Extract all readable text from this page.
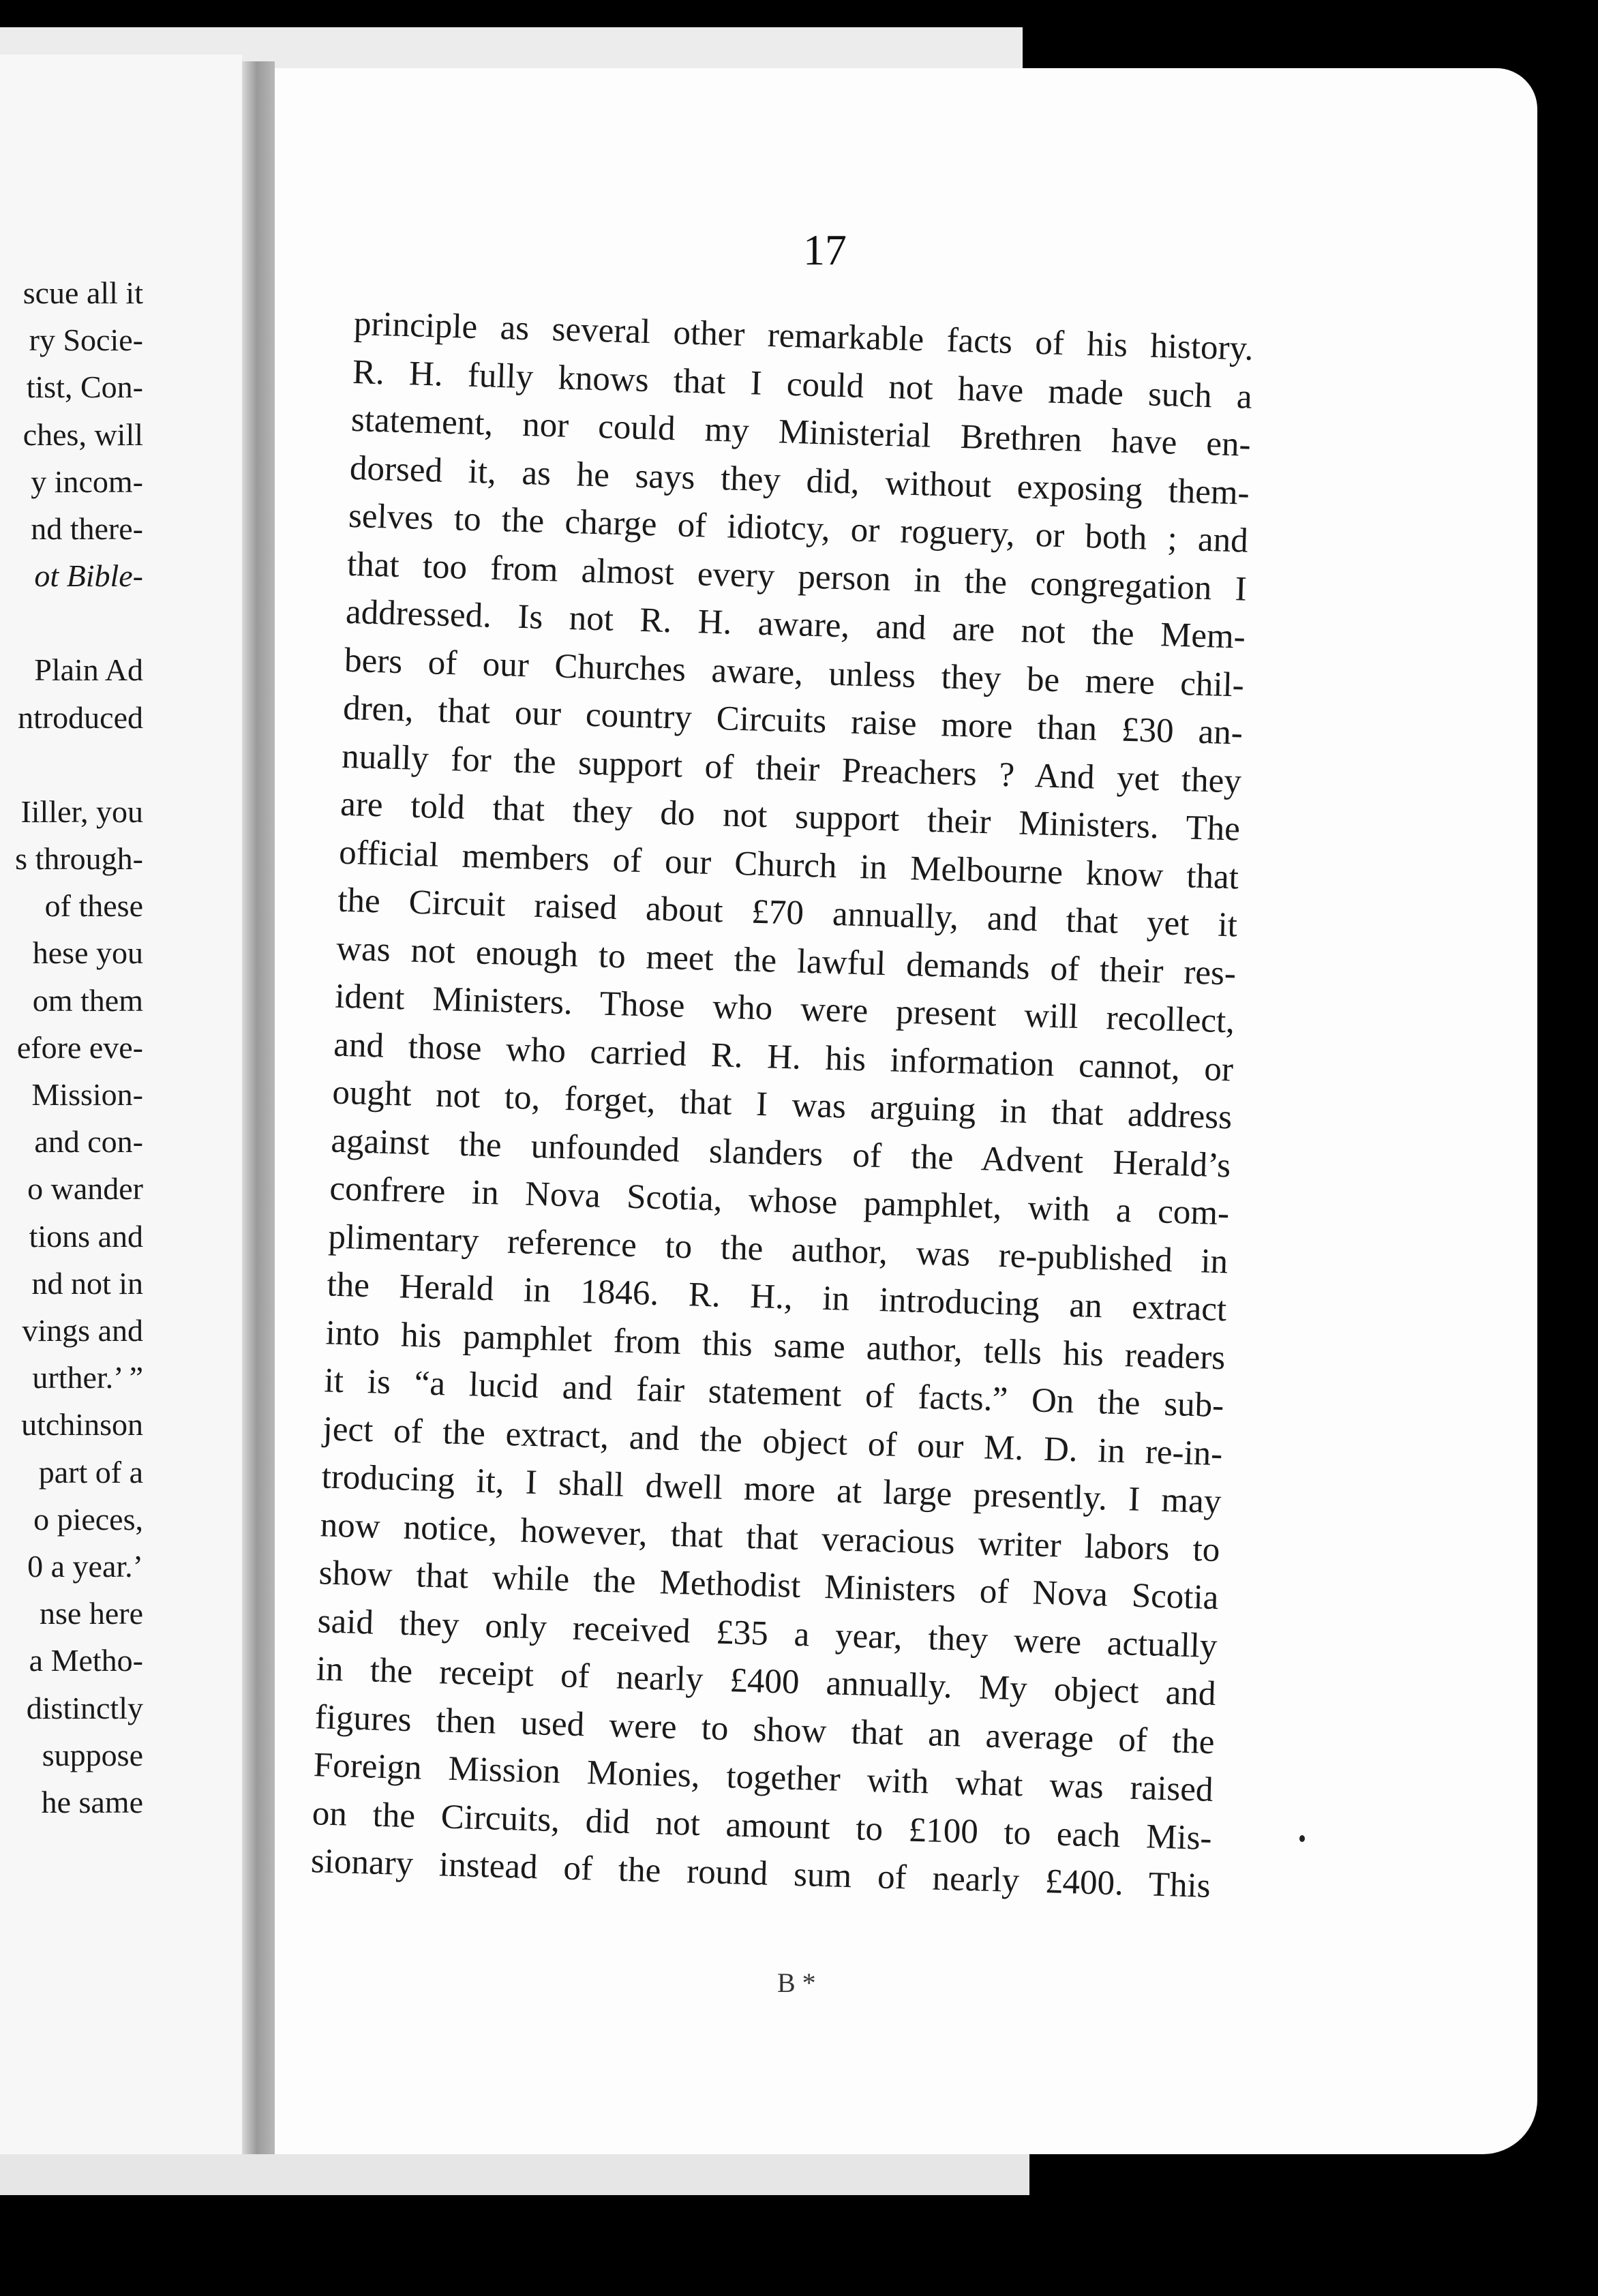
scue all it
ry Socie-
tist, Con-
ches, will
y incom-
nd there-
ot Bible-
Plain Ad
ntroduced
Iiller, you
s through-
of these
hese you
om them
efore eve-
Mission-
and con-
o wander
tions and
nd not in
vings and
urther.’ ”
utchinson
part of a
o pieces,
0 a year.’
nse here
a Metho-
distinctly
suppose
he same
17
principle as several other remarkable facts of his history.
R. H. fully knows that I could not have made such a
statement, nor could my Ministerial Brethren have en-
dorsed it, as he says they did, without exposing them-
selves to the charge of idiotcy, or roguery, or both ; and
that too from almost every person in the congregation I
addressed. Is not R. H. aware, and are not the Mem-
bers of our Churches aware, unless they be mere chil-
dren, that our country Circuits raise more than £30 an-
nually for the support of their Preachers ? And yet they
are told that they do not support their Ministers. The
official members of our Church in Melbourne know that
the Circuit raised about £70 annually, and that yet it
was not enough to meet the lawful demands of their res-
ident Ministers. Those who were present will recollect,
and those who carried R. H. his information cannot, or
ought not to, forget, that I was arguing in that address
against the unfounded slanders of the Advent Herald’s
confrere in Nova Scotia, whose pamphlet, with a com-
plimentary reference to the author, was re-published in
the Herald in 1846. R. H., in introducing an extract
into his pamphlet from this same author, tells his readers
it is “a lucid and fair statement of facts.” On the sub-
ject of the extract, and the object of our M. D. in re-in-
troducing it, I shall dwell more at large presently. I may
now notice, however, that that veracious writer labors to
show that while the Methodist Ministers of Nova Scotia
said they only received £35 a year, they were actually
in the receipt of nearly £400 annually. My object and
figures then used were to show that an average of the
Foreign Mission Monies, together with what was raised
on the Circuits, did not amount to £100 to each Mis-
sionary instead of the round sum of nearly £400. This
B *
